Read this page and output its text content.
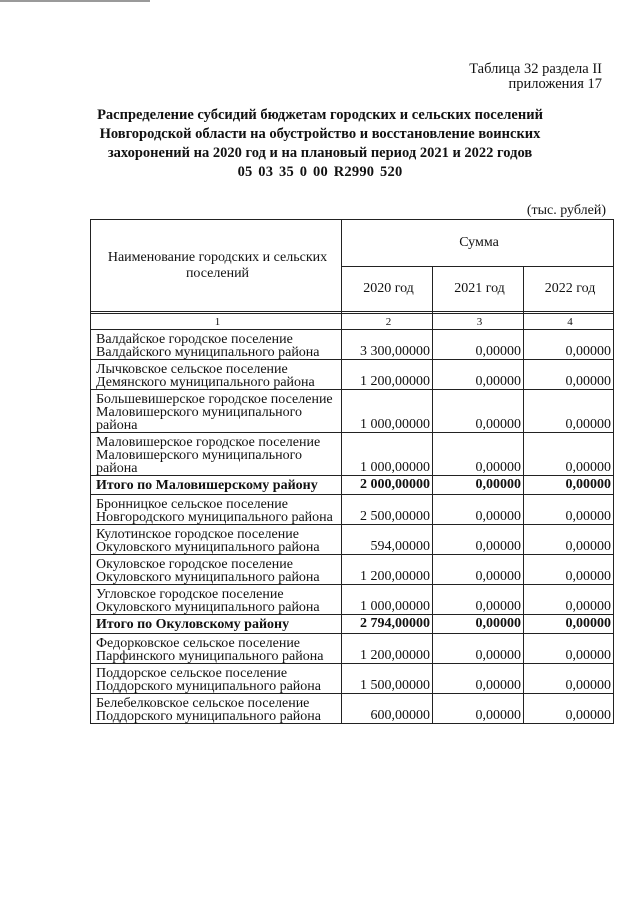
Таблица 32 раздела II
приложения 17
Распределение субсидий бюджетам городских и сельских поселений
Новгородской области на обустройство и восстановление воинских
захоронений на 2020 год и на плановый период 2021 и 2022 годов
05 03 35 0 00 R2990 520
(тыс. рублей)
Наименование городских и сельских поселений	Сумма		
	2020 год	2021 год	2022 год

1	2	3	4
Валдайское городское поселение Валдайского муниципального района	3 300,00000	0,00000	0,00000
Лычковское сельское поселение Демянского муниципального района	1 200,00000	0,00000	0,00000
Большевишерское городское поселение Маловишерского муниципального района	1 000,00000	0,00000	0,00000
Маловишерское городское поселение Маловишерского муниципального района	1 000,00000	0,00000	0,00000
Итого по Маловишерскому району	2 000,00000	0,00000	0,00000
Бронницкое сельское поселение Новгородского муниципального района	2 500,00000	0,00000	0,00000
Кулотинское городское поселение Окуловского муниципального района	594,00000	0,00000	0,00000
Окуловское городское поселение Окуловского муниципального района	1 200,00000	0,00000	0,00000
Угловское городское поселение Окуловского муниципального района	1 000,00000	0,00000	0,00000
Итого по Окуловскому району	2 794,00000	0,00000	0,00000
Федорковское сельское поселение Парфинского муниципального района	1 200,00000	0,00000	0,00000
Поддорское сельское поселение Поддорского муниципального района	1 500,00000	0,00000	0,00000
Белебелковское сельское поселение Поддорского муниципального района	600,00000	0,00000	0,00000
